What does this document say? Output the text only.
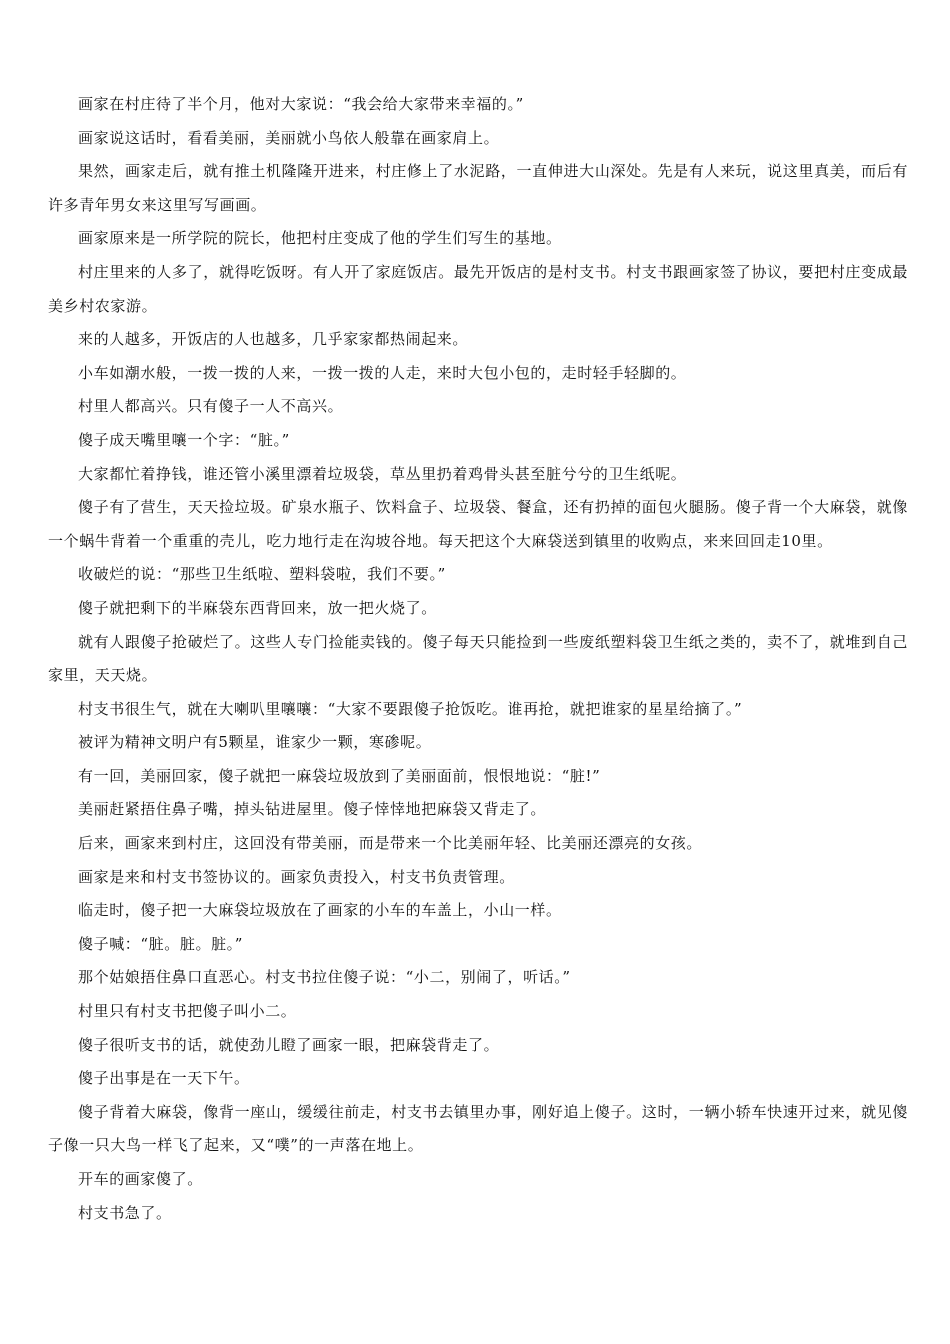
画家在村庄待了半个月，他对大家说：“我会给大家带来幸福的。”

画家说这话时，看看美丽，美丽就小鸟依人般靠在画家肩上。

果然，画家走后，就有推土机隆隆开进来，村庄修上了水泥路，一直伸进大山深处。先是有人来玩，说这里真美，而后有许多青年男女来这里写写画画。

画家原来是一所学院的院长，他把村庄变成了他的学生们写生的基地。

村庄里来的人多了，就得吃饭呀。有人开了家庭饭店。最先开饭店的是村支书。村支书跟画家签了协议，要把村庄变成最美乡村农家游。

来的人越多，开饭店的人也越多，几乎家家都热闹起来。

小车如潮水般，一拨一拨的人来，一拨一拨的人走，来时大包小包的，走时轻手轻脚的。

村里人都高兴。只有傻子一人不高兴。

傻子成天嘴里嚷一个字：“脏。”

大家都忙着挣钱，谁还管小溪里漂着垃圾袋，草丛里扔着鸡骨头甚至脏兮兮的卫生纸呢。

傻子有了营生，天天捡垃圾。矿泉水瓶子、饮料盒子、垃圾袋、餐盒，还有扔掉的面包火腿肠。傻子背一个大麻袋，就像一个蜗牛背着一个重重的壳儿，吃力地行走在沟坡谷地。每天把这个大麻袋送到镇里的收购点，来来回回走10里。

收破烂的说：“那些卫生纸啦、塑料袋啦，我们不要。”

傻子就把剩下的半麻袋东西背回来，放一把火烧了。

就有人跟傻子抢破烂了。这些人专门捡能卖钱的。傻子每天只能捡到一些废纸塑料袋卫生纸之类的，卖不了，就堆到自己家里，天天烧。

村支书很生气，就在大喇叭里嚷嚷：“大家不要跟傻子抢饭吃。谁再抢，就把谁家的星星给摘了。”

被评为精神文明户有5颗星，谁家少一颗，寒碜呢。

有一回，美丽回家，傻子就把一麻袋垃圾放到了美丽面前，恨恨地说：“脏!”

美丽赶紧捂住鼻子嘴，掉头钻进屋里。傻子悻悻地把麻袋又背走了。

后来，画家来到村庄，这回没有带美丽，而是带来一个比美丽年轻、比美丽还漂亮的女孩。

画家是来和村支书签协议的。画家负责投入，村支书负责管理。

临走时，傻子把一大麻袋垃圾放在了画家的小车的车盖上，小山一样。

傻子喊：“脏。脏。脏。”

那个姑娘捂住鼻口直恶心。村支书拉住傻子说：“小二，别闹了，听话。”

村里只有村支书把傻子叫小二。

傻子很听支书的话，就使劲儿瞪了画家一眼，把麻袋背走了。

傻子出事是在一天下午。

傻子背着大麻袋，像背一座山，缓缓往前走，村支书去镇里办事，刚好追上傻子。这时，一辆小轿车快速开过来，就见傻子像一只大鸟一样飞了起来，又“噗”的一声落在地上。

开车的画家傻了。

村支书急了。
